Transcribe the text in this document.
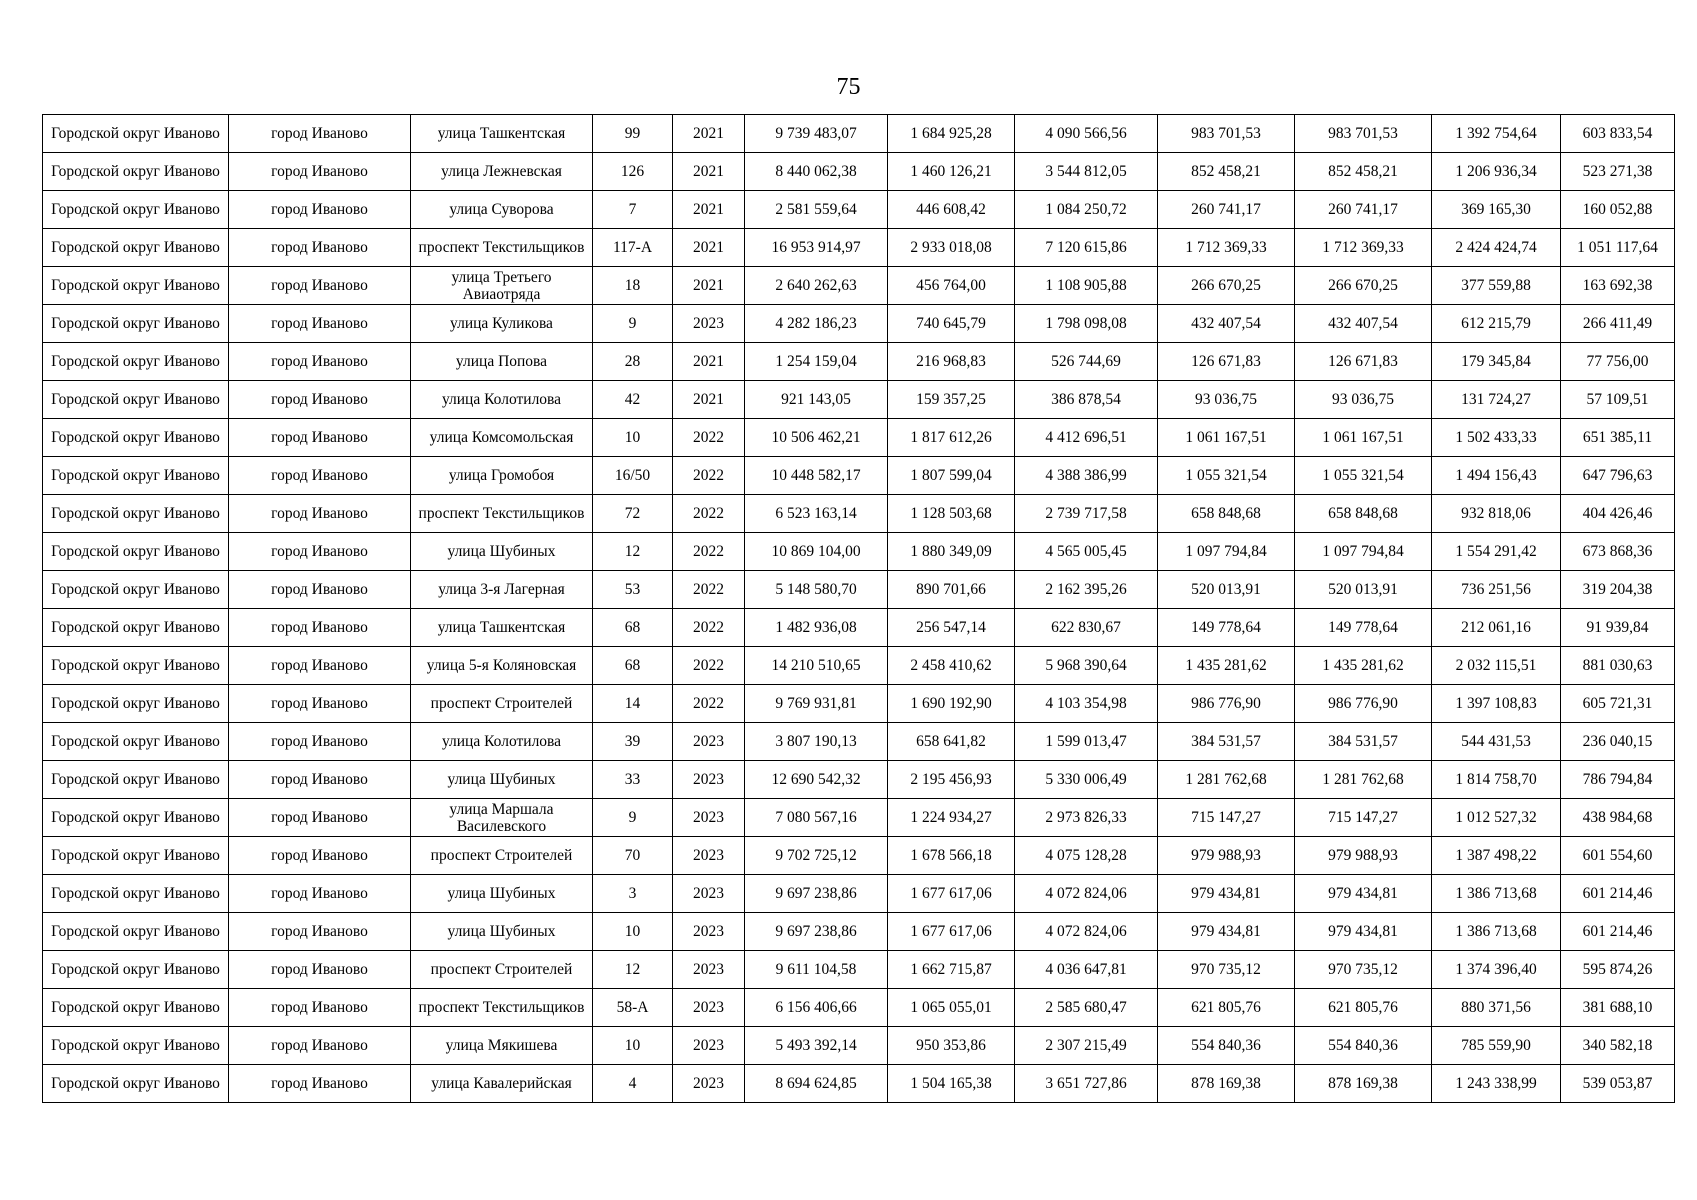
75
Городской округ Иваново	город Иваново	улица Ташкентская	99	2021	9 739 483,07	1 684 925,28	4 090 566,56	983 701,53	983 701,53	1 392 754,64	603 833,54
Городской округ Иваново	город Иваново	улица Лежневская	126	2021	8 440 062,38	1 460 126,21	3 544 812,05	852 458,21	852 458,21	1 206 936,34	523 271,38
Городской округ Иваново	город Иваново	улица Суворова	7	2021	2 581 559,64	446 608,42	1 084 250,72	260 741,17	260 741,17	369 165,30	160 052,88
Городской округ Иваново	город Иваново	проспект Текстильщиков	117-А	2021	16 953 914,97	2 933 018,08	7 120 615,86	1 712 369,33	1 712 369,33	2 424 424,74	1 051 117,64
Городской округ Иваново	город Иваново	улица Третьего Авиаотряда	18	2021	2 640 262,63	456 764,00	1 108 905,88	266 670,25	266 670,25	377 559,88	163 692,38
Городской округ Иваново	город Иваново	улица Куликова	9	2023	4 282 186,23	740 645,79	1 798 098,08	432 407,54	432 407,54	612 215,79	266 411,49
Городской округ Иваново	город Иваново	улица Попова	28	2021	1 254 159,04	216 968,83	526 744,69	126 671,83	126 671,83	179 345,84	77 756,00
Городской округ Иваново	город Иваново	улица Колотилова	42	2021	921 143,05	159 357,25	386 878,54	93 036,75	93 036,75	131 724,27	57 109,51
Городской округ Иваново	город Иваново	улица Комсомольская	10	2022	10 506 462,21	1 817 612,26	4 412 696,51	1 061 167,51	1 061 167,51	1 502 433,33	651 385,11
Городской округ Иваново	город Иваново	улица Громобоя	16/50	2022	10 448 582,17	1 807 599,04	4 388 386,99	1 055 321,54	1 055 321,54	1 494 156,43	647 796,63
Городской округ Иваново	город Иваново	проспект Текстильщиков	72	2022	6 523 163,14	1 128 503,68	2 739 717,58	658 848,68	658 848,68	932 818,06	404 426,46
Городской округ Иваново	город Иваново	улица Шубиных	12	2022	10 869 104,00	1 880 349,09	4 565 005,45	1 097 794,84	1 097 794,84	1 554 291,42	673 868,36
Городской округ Иваново	город Иваново	улица 3-я Лагерная	53	2022	5 148 580,70	890 701,66	2 162 395,26	520 013,91	520 013,91	736 251,56	319 204,38
Городской округ Иваново	город Иваново	улица Ташкентская	68	2022	1 482 936,08	256 547,14	622 830,67	149 778,64	149 778,64	212 061,16	91 939,84
Городской округ Иваново	город Иваново	улица 5-я Коляновская	68	2022	14 210 510,65	2 458 410,62	5 968 390,64	1 435 281,62	1 435 281,62	2 032 115,51	881 030,63
Городской округ Иваново	город Иваново	проспект Строителей	14	2022	9 769 931,81	1 690 192,90	4 103 354,98	986 776,90	986 776,90	1 397 108,83	605 721,31
Городской округ Иваново	город Иваново	улица Колотилова	39	2023	3 807 190,13	658 641,82	1 599 013,47	384 531,57	384 531,57	544 431,53	236 040,15
Городской округ Иваново	город Иваново	улица Шубиных	33	2023	12 690 542,32	2 195 456,93	5 330 006,49	1 281 762,68	1 281 762,68	1 814 758,70	786 794,84
Городской округ Иваново	город Иваново	улица Маршала Василевского	9	2023	7 080 567,16	1 224 934,27	2 973 826,33	715 147,27	715 147,27	1 012 527,32	438 984,68
Городской округ Иваново	город Иваново	проспект Строителей	70	2023	9 702 725,12	1 678 566,18	4 075 128,28	979 988,93	979 988,93	1 387 498,22	601 554,60
Городской округ Иваново	город Иваново	улица Шубиных	3	2023	9 697 238,86	1 677 617,06	4 072 824,06	979 434,81	979 434,81	1 386 713,68	601 214,46
Городской округ Иваново	город Иваново	улица Шубиных	10	2023	9 697 238,86	1 677 617,06	4 072 824,06	979 434,81	979 434,81	1 386 713,68	601 214,46
Городской округ Иваново	город Иваново	проспект Строителей	12	2023	9 611 104,58	1 662 715,87	4 036 647,81	970 735,12	970 735,12	1 374 396,40	595 874,26
Городской округ Иваново	город Иваново	проспект Текстильщиков	58-А	2023	6 156 406,66	1 065 055,01	2 585 680,47	621 805,76	621 805,76	880 371,56	381 688,10
Городской округ Иваново	город Иваново	улица Мякишева	10	2023	5 493 392,14	950 353,86	2 307 215,49	554 840,36	554 840,36	785 559,90	340 582,18
Городской округ Иваново	город Иваново	улица Кавалерийская	4	2023	8 694 624,85	1 504 165,38	3 651 727,86	878 169,38	878 169,38	1 243 338,99	539 053,87
